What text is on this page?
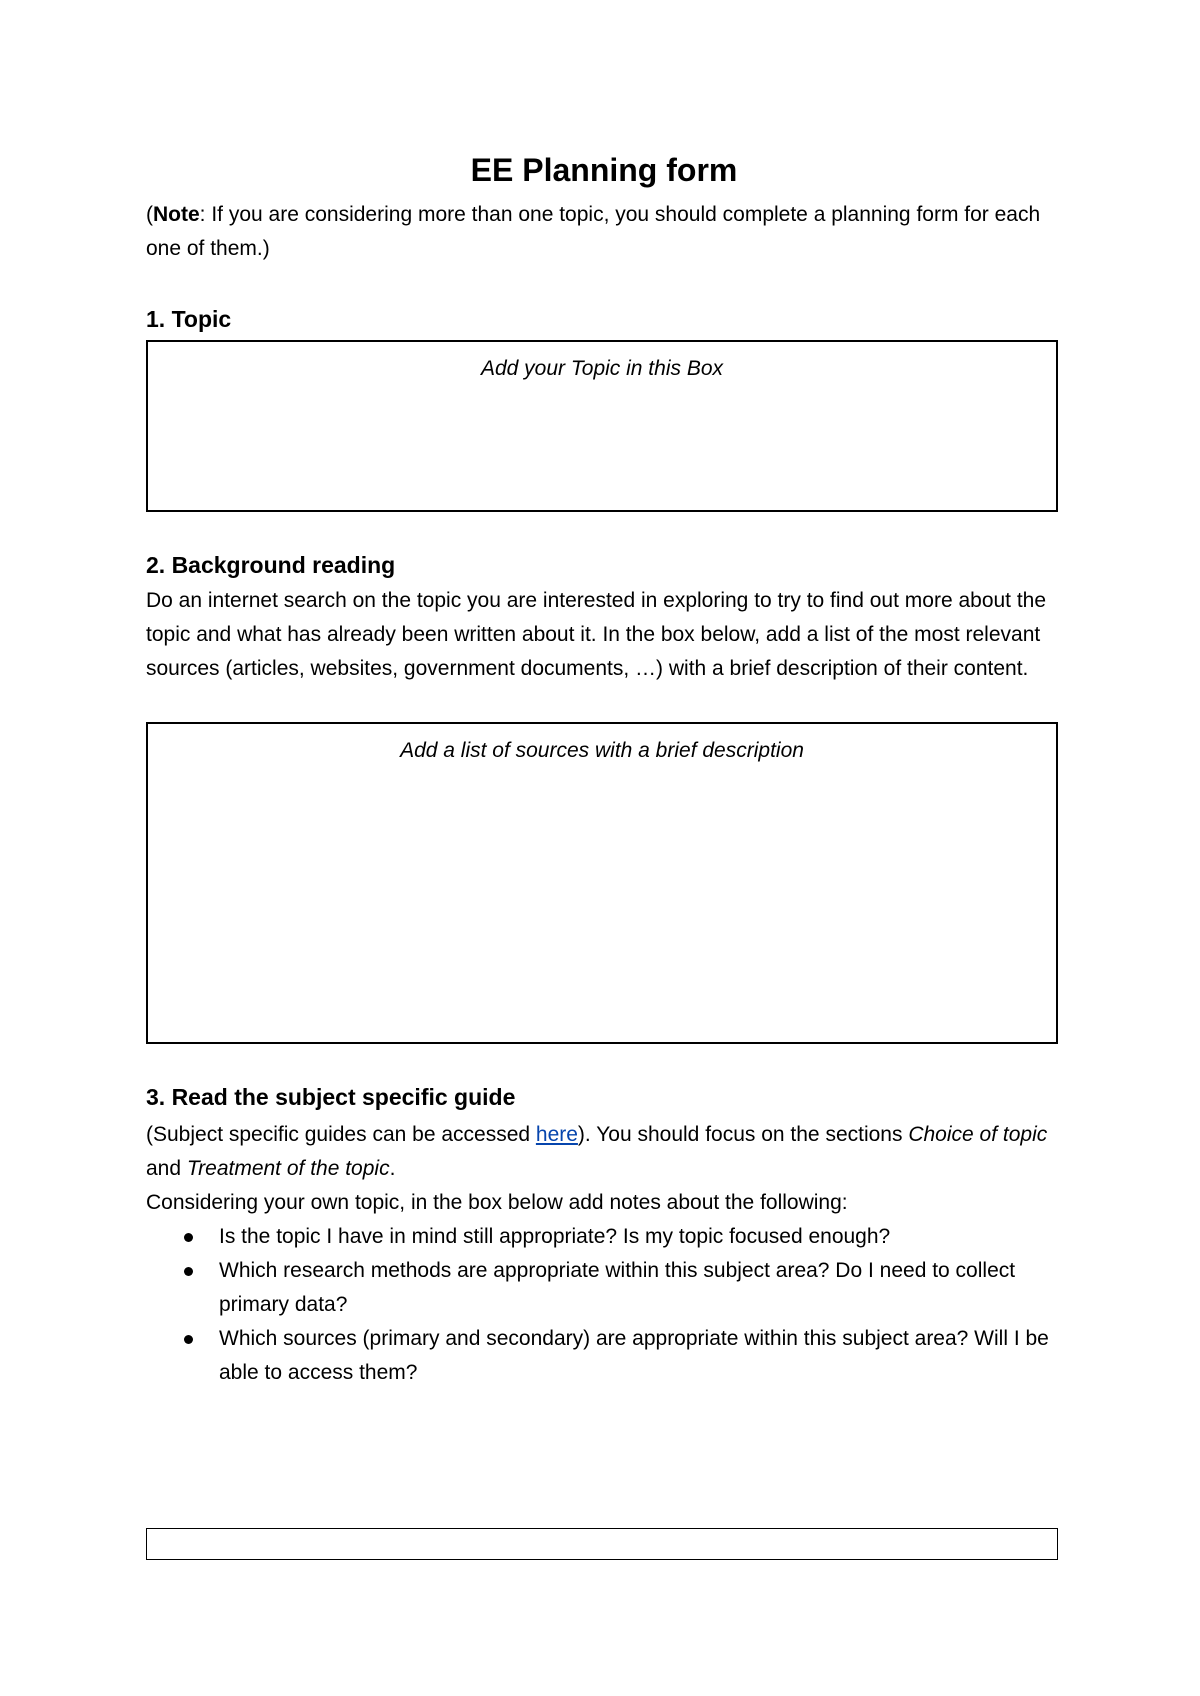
EE Planning form

(Note: If you are considering more than one topic, you should complete a planning form for each one of them.)

1. Topic
Add your Topic in this Box
2. Background reading

Do an internet search on the topic you are interested in exploring to try to find out more about the topic and what has already been written about it. In the box below, add a list of the most relevant sources (articles, websites, government documents, …) with a brief description of their content.

Add a list of sources with a brief description
3. Read the subject specific guide

(Subject specific guides can be accessed here). You should focus on the sections Choice of topic and Treatment of the topic.
Considering your own topic, in the box below add notes about the following:

Is the topic I have in mind still appropriate? Is my topic focused enough?
Which research methods are appropriate within this subject area? Do I need to collect primary data?
Which sources (primary and secondary) are appropriate within this subject area? Will I be able to access them?
